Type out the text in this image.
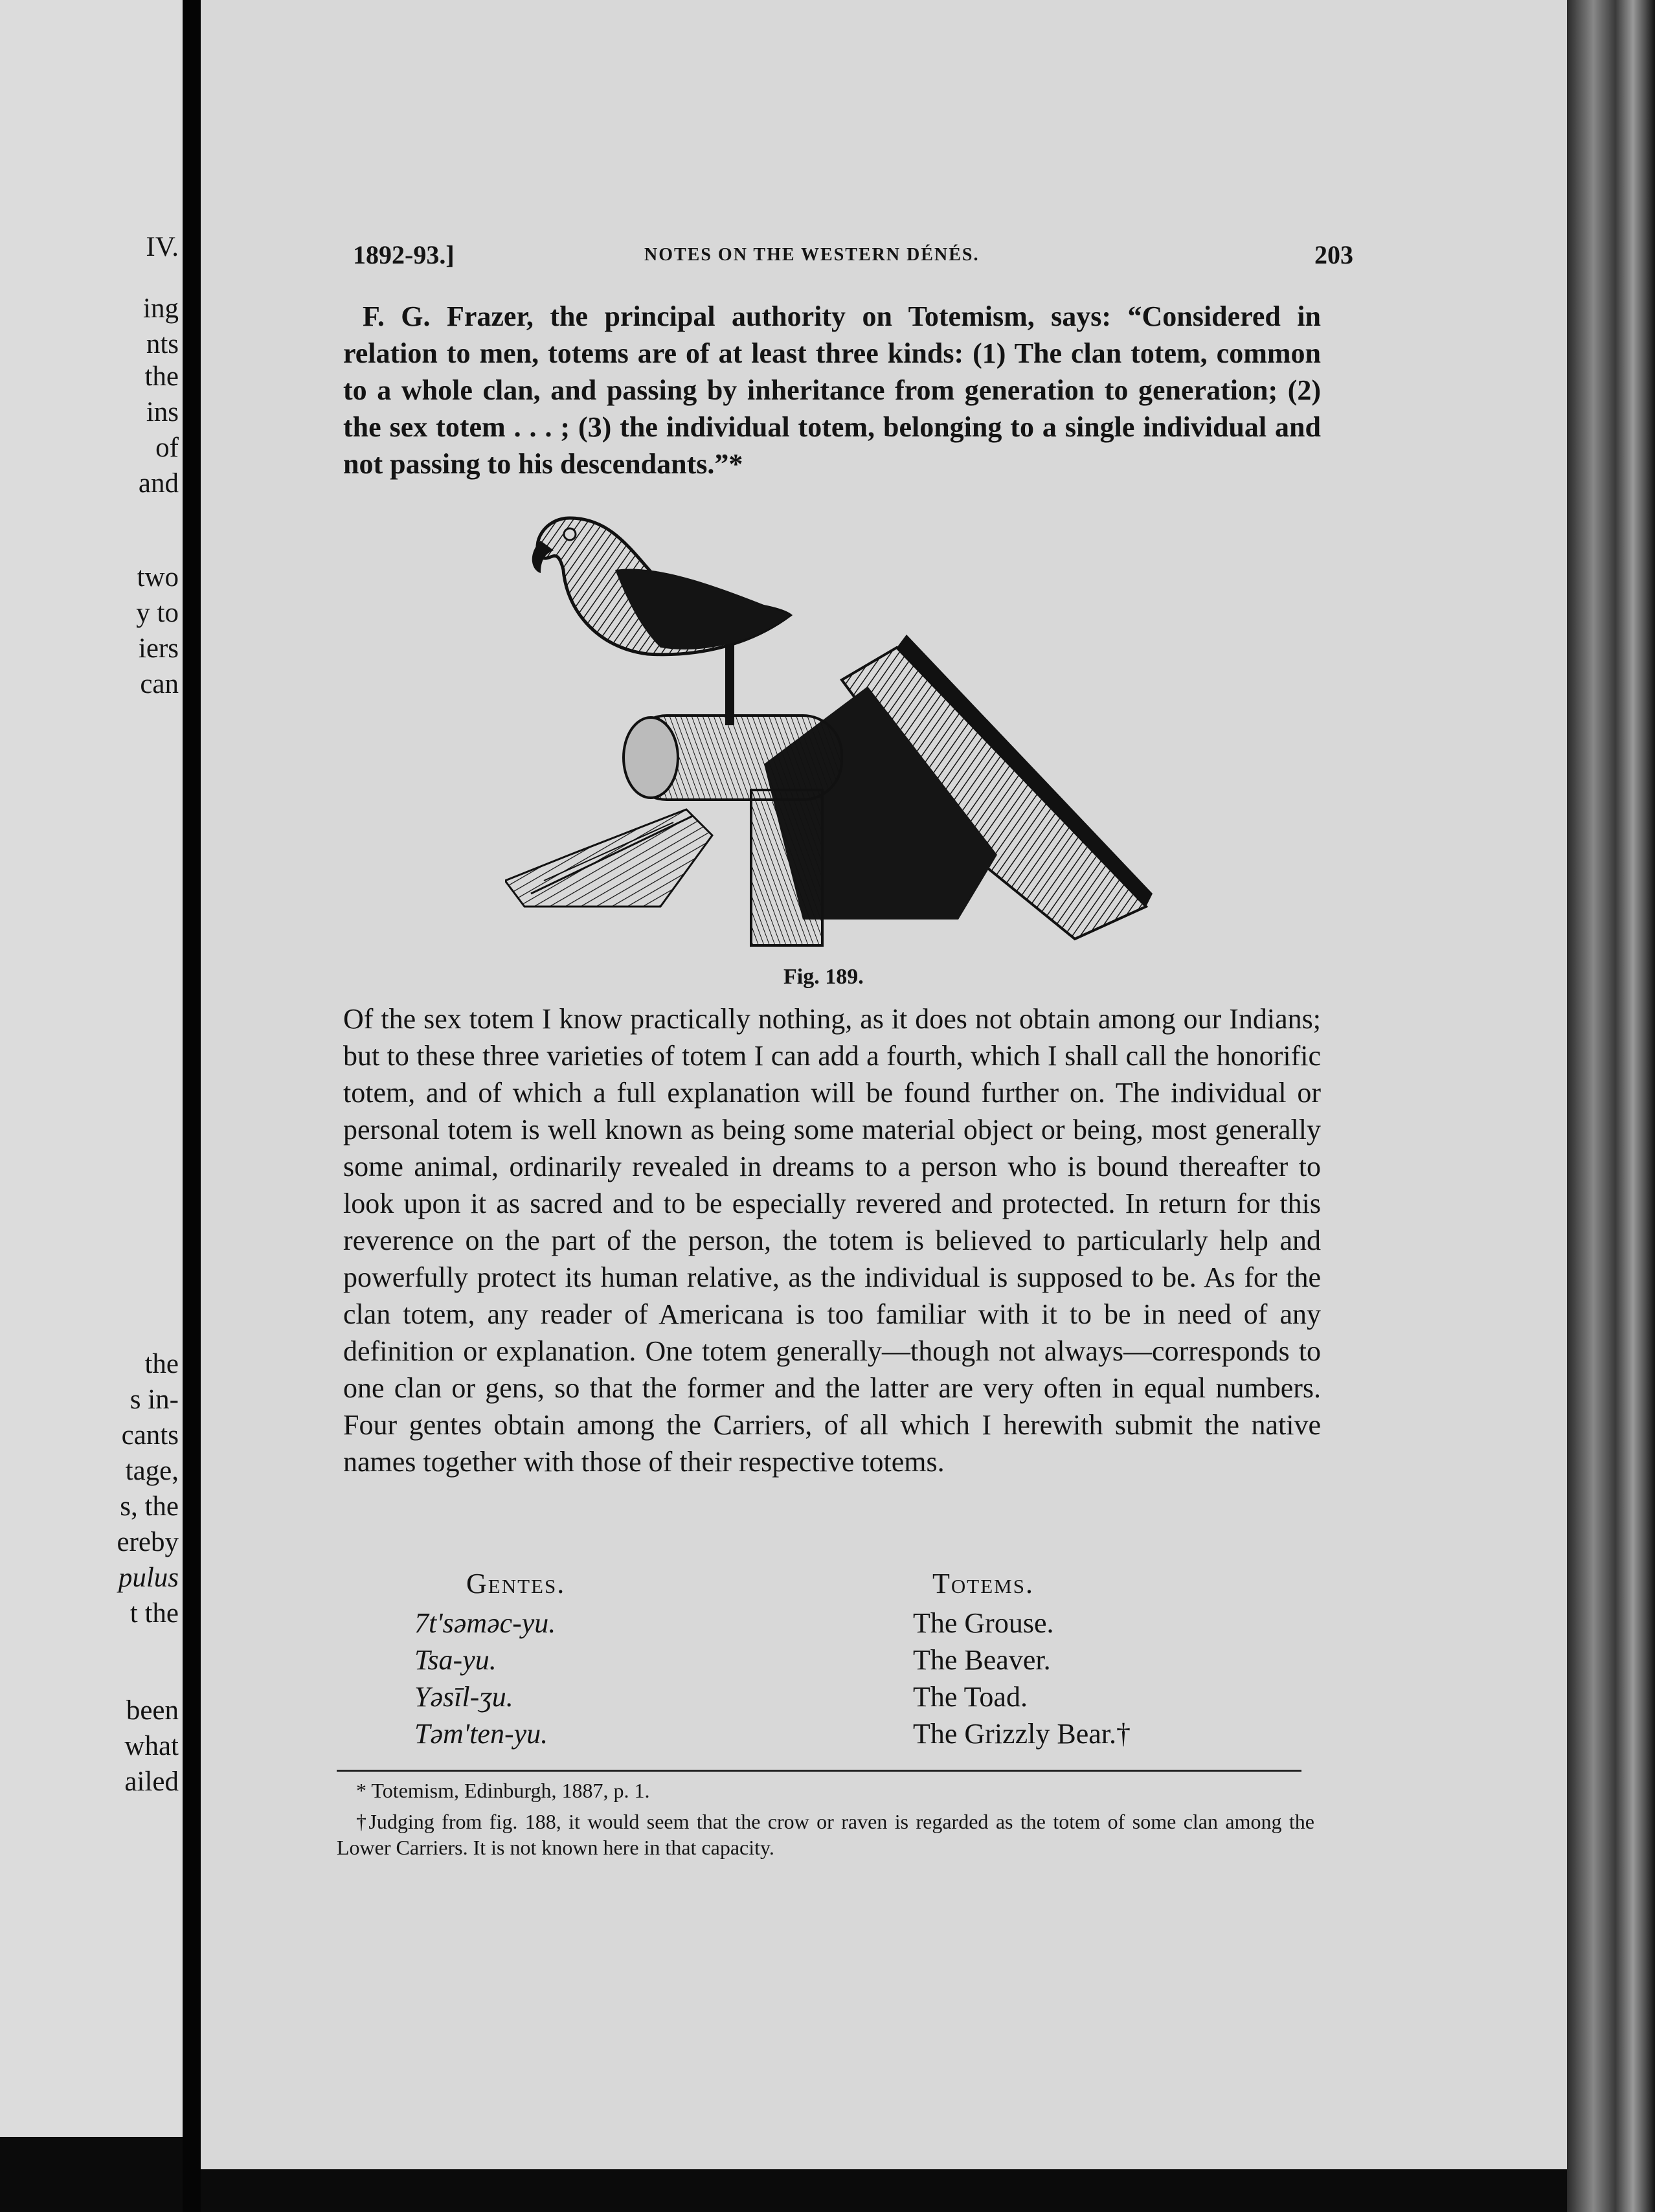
IV.
ing
nts
the
ins
of
and
two
y to
iers
can
the
s in-
cants
tage,
s, the
ereby
pulus
t the
been
what
ailed
1892-93.]	NOTES ON THE WESTERN DÉNÉS.	203

F. G. Frazer, the principal authority on Totemism, says: “Considered in relation to men, totems are of at least three kinds: (1) The clan totem, common to a whole clan, and passing by inheritance from generation to generation; (2) the sex totem . . . ; (3) the individual totem, belonging to a single individual and not passing to his descendants.”*

Fig. 189.

Of the sex totem I know practically nothing, as it does not obtain among our Indians; but to these three varieties of totem I can add a fourth, which I shall call the honorific totem, and of which a full explanation will be found further on. The individual or personal totem is well known as being some material object or being, most generally some animal, ordinarily revealed in dreams to a person who is bound thereafter to look upon it as sacred and to be especially revered and protected. In return for this reverence on the part of the person, the totem is believed to particularly help and powerfully protect its human relative, as the individual is supposed to be. As for the clan totem, any reader of Americana is too familiar with it to be in need of any definition or explanation. One totem generally—though not always—corresponds to one clan or gens, so that the former and the latter are very often in equal numbers. Four gentes obtain among the Carriers, of all which I herewith submit the native names together with those of their respective totems.

Gentes.
7t'səməc-yu.
Tsa-yu.
Yəsīl-ʒu.
Təm'ten-yu.
Totems.
The Grouse.
The Beaver.
The Toad.
The Grizzly Bear.†

* Totemism, Edinburgh, 1887, p. 1.

†Judging from fig. 188, it would seem that the crow or raven is regarded as the totem of some clan among the Lower Carriers. It is not known here in that capacity.
